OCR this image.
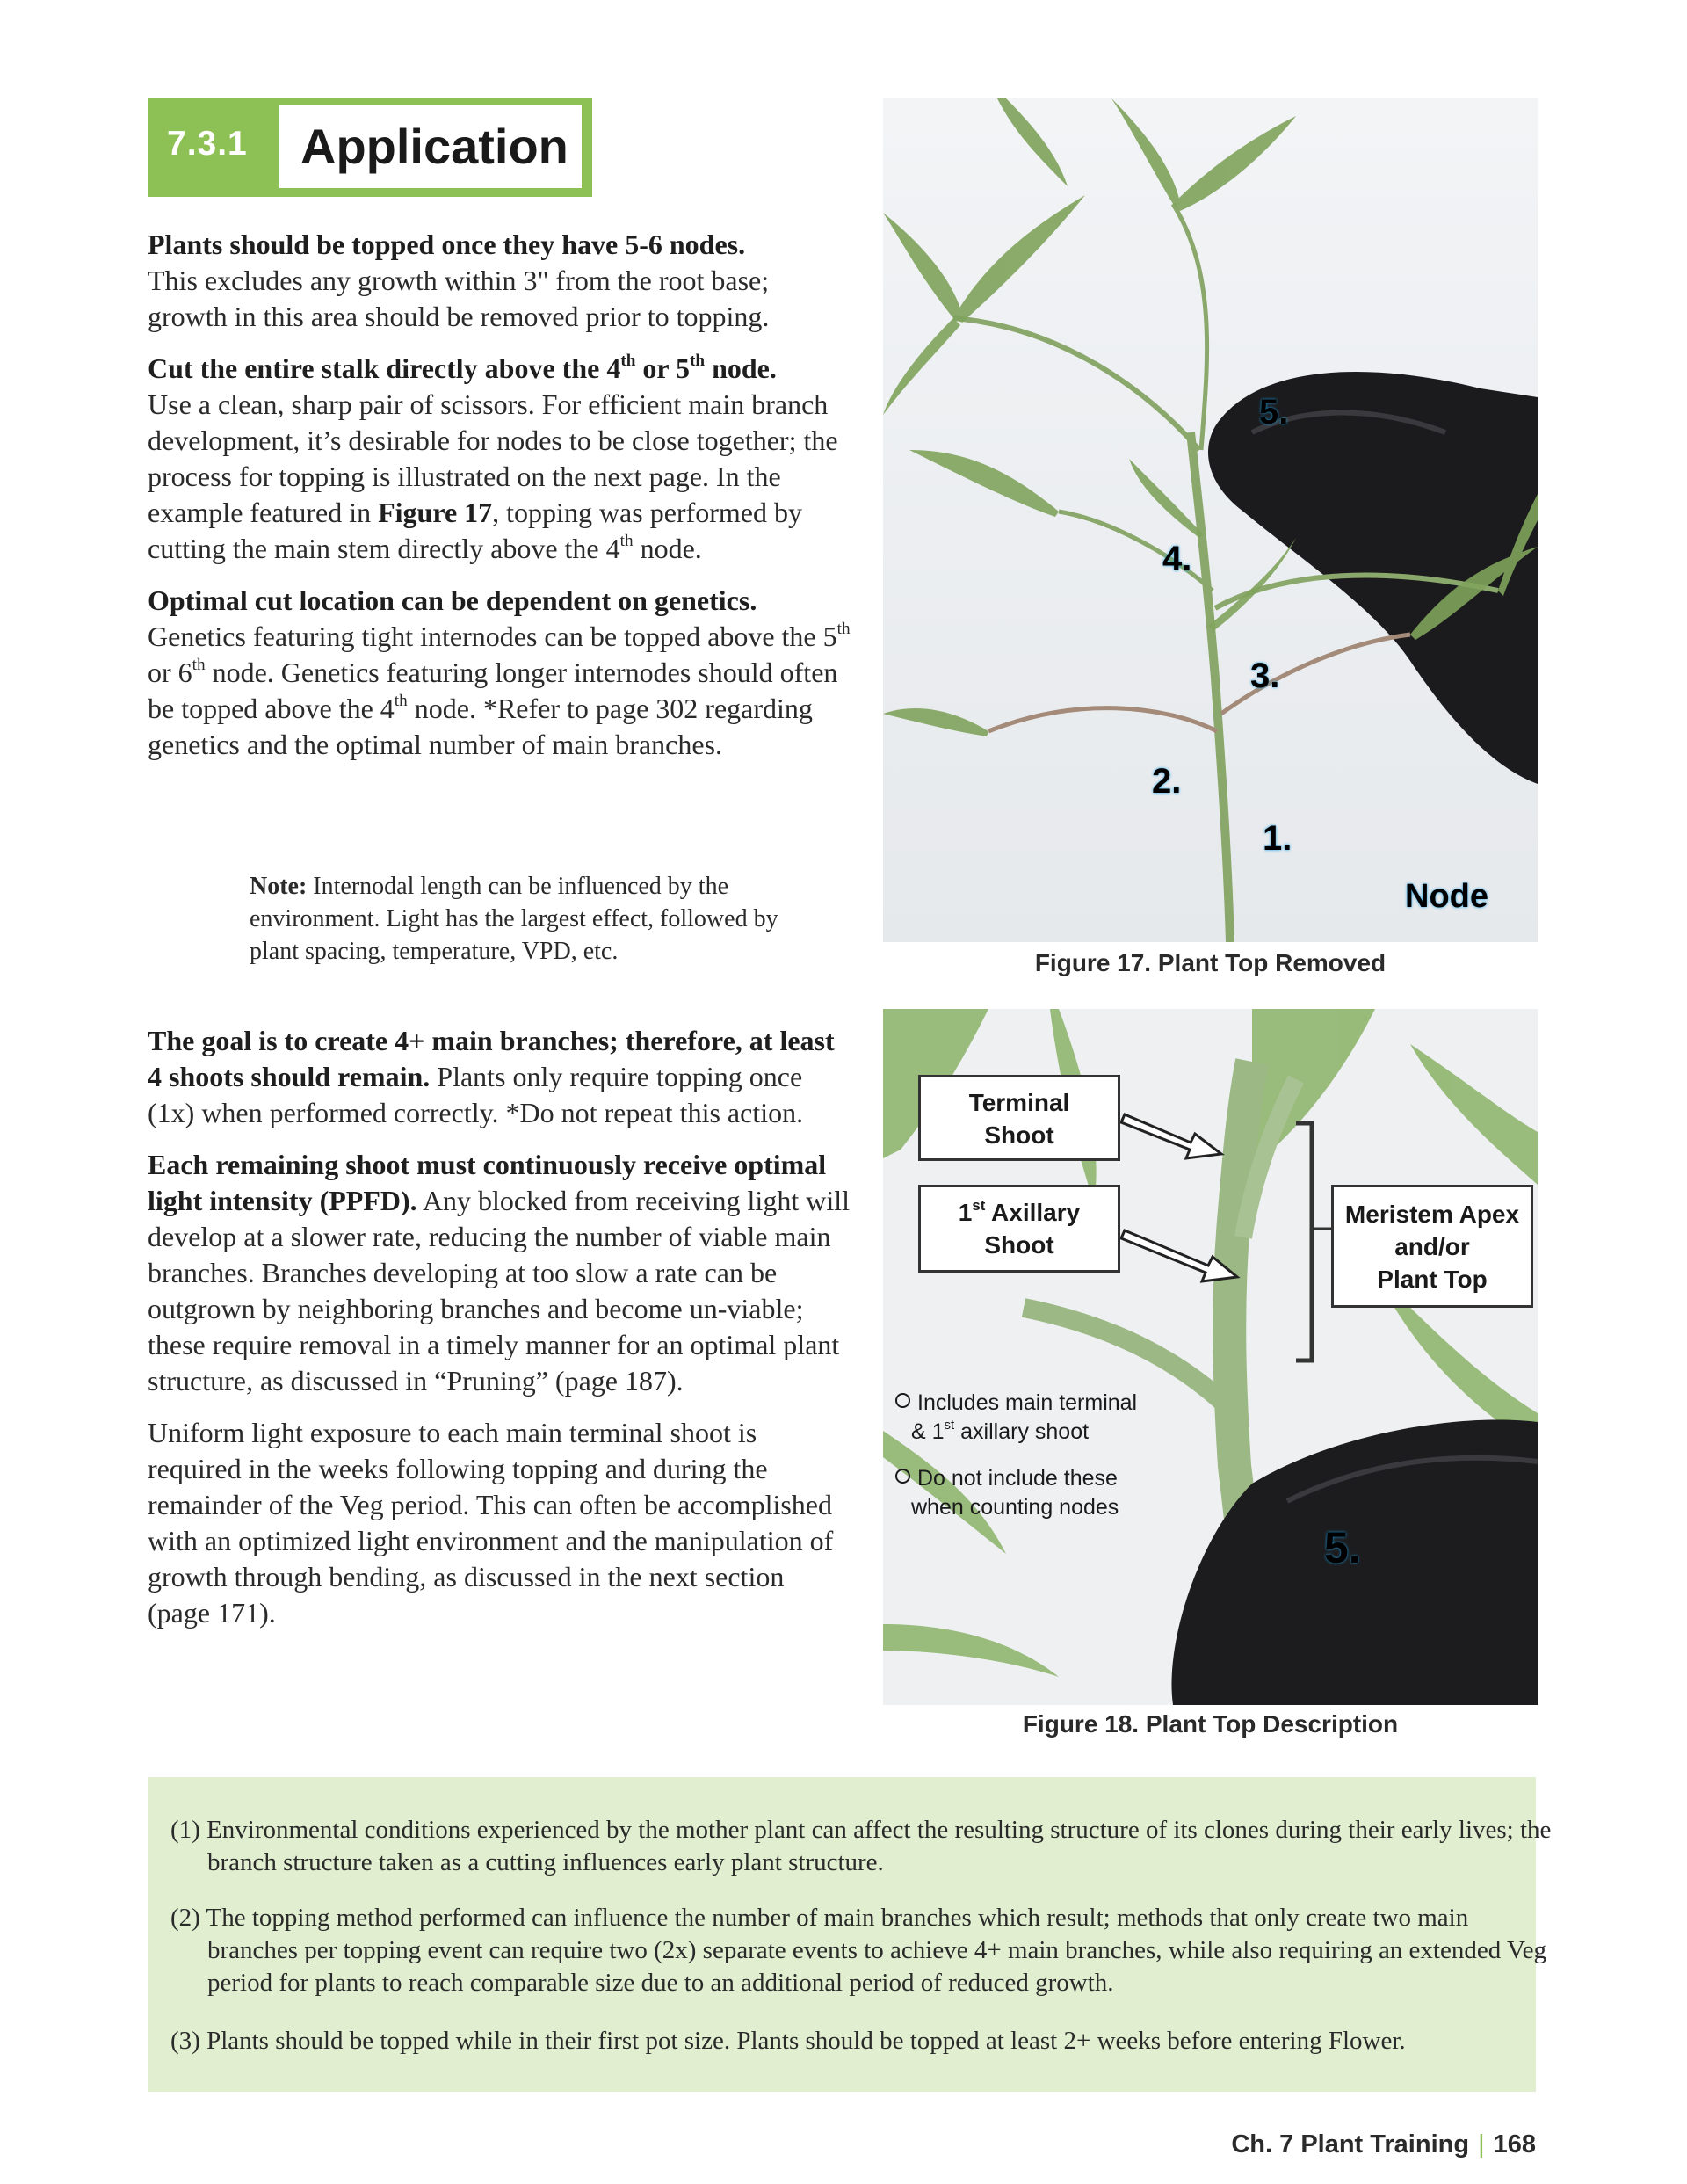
7.3.1 Application

Plants should be topped once they have 5-6 nodes.
This excludes any growth within 3" from the root base; growth in this area should be removed prior to topping.

Cut the entire stalk directly above the 4th or 5th node.
Use a clean, sharp pair of scissors. For efficient main branch development, it’s desirable for nodes to be close together; the process for topping is illustrated on the next page. In the example featured in Figure 17, topping was performed by cutting the main stem directly above the 4th node.

Optimal cut location can be dependent on genetics.
Genetics featuring tight internodes can be topped above the 5th or 6th node. Genetics featuring longer internodes should often be topped above the 4th node. *Refer to page 302 regarding genetics and the optimal number of main branches.

Note: Internodal length can be influenced by the environment. Light has the largest effect, followed by plant spacing, temperature, VPD, etc.

The goal is to create 4+ main branches; therefore, at least 4 shoots should remain. Plants only require topping once (1x) when performed correctly. *Do not repeat this action.

Each remaining shoot must continuously receive optimal light intensity (PPFD). Any blocked from receiving light will develop at a slower rate, reducing the number of viable main branches. Branches developing at too slow a rate can be outgrown by neighboring branches and become un-viable; these require removal in a timely manner for an optimal plant structure, as discussed in “Pruning” (page 187).

Uniform light exposure to each main terminal shoot is required in the weeks following topping and during the remainder of the Veg period. This can often be accomplished with an optimized light environment and the manipulation of growth through bending, as discussed in the next section (page 171).

5.
4.
3.
2.
1.
Node
Figure 17. Plant Top Removed
5.
Terminal
Shoot
1st Axillary
Shoot
Meristem Apex
and/or
Plant Top
Includes main terminal
& 1st axillary shoot
Do not include these
when counting nodes
Figure 18. Plant Top Description
(1) Environmental conditions experienced by the mother plant can affect the resulting structure of its clones during their early lives; the branch structure taken as a cutting influences early plant structure.
(2) The topping method performed can influence the number of main branches which result; methods that only create two main branches per topping event can require two (2x) separate events to achieve 4+ main branches, while also requiring an extended Veg period for plants to reach comparable size due to an additional period of reduced growth.
(3) Plants should be topped while in their first pot size. Plants should be topped at least 2+ weeks before entering Flower.
Ch. 7 Plant Training | 168
